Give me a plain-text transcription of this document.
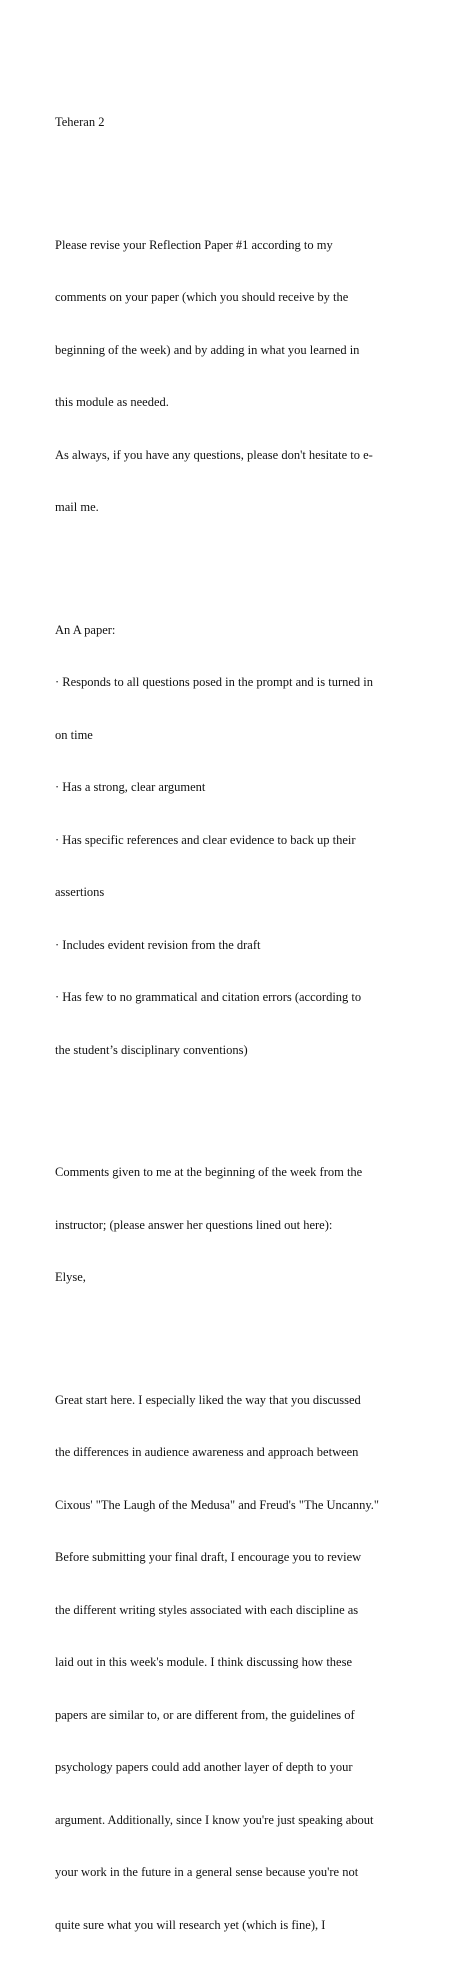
Teheran 2

Please revise your Reflection Paper #1 according to my

comments on your paper (which you should receive by the

beginning of the week) and by adding in what you learned in

this module as needed.

As always, if you have any questions, please don't hesitate to e-

mail me.

An A paper:

· Responds to all questions posed in the prompt and is turned in

on time

· Has a strong, clear argument

· Has specific references and clear evidence to back up their

assertions

· Includes evident revision from the draft

· Has few to no grammatical and citation errors (according to

the student’s disciplinary conventions)

Comments given to me at the beginning of the week from the

instructor; (please answer her questions lined out here):

Elyse,

Great start here. I especially liked the way that you discussed

the differences in audience awareness and approach between

Cixous' "The Laugh of the Medusa" and Freud's "The Uncanny."

Before submitting your final draft, I encourage you to review

the different writing styles associated with each discipline as

laid out in this week's module. I think discussing how these

papers are similar to, or are different from, the guidelines of

psychology papers could add another layer of depth to your

argument. Additionally, since I know you're just speaking about

your work in the future in a general sense because you're not

quite sure what you will research yet (which is fine), I
